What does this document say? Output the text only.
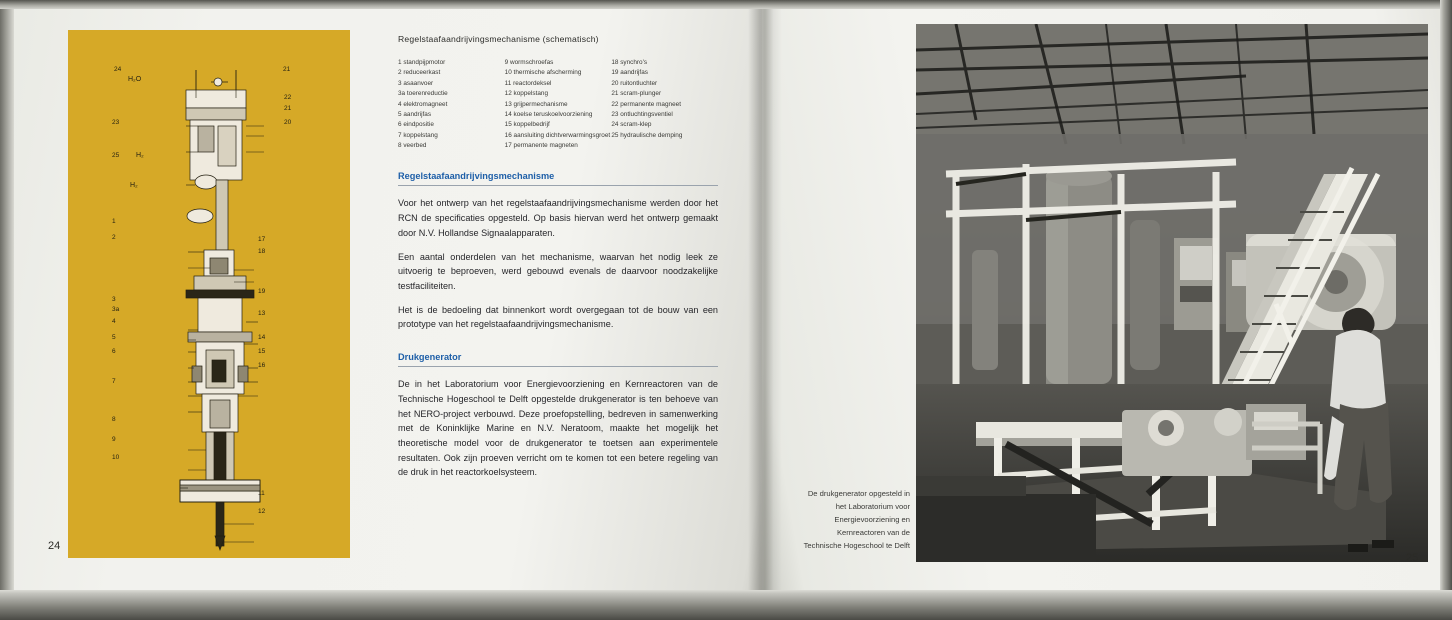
24	21
23
22
21
20
25
1
2
3
3a
4
5
6
7
8
9
10
17
18
19
13
14
15
16
11
12
H₂O
H₂
H₂
24
Regelstaafaandrijvingsmechanisme (schematisch)
1 standpijpmotor
2 reduceerkast
3 asaanvoer
3a toerenreductie
4 elektromagneet
5 aandrijfas
6 eindpositie
7 koppelstang
8 veerbed
9 wormschroefas
10 thermische afscherming
11 reactordeksel
12 koppelstang
13 grijpermechanisme
14 koelse teruskoelvoorziening
15 koppelbedrijf
16 aansluiting dichtverwarmingsgroet
17 permanente magneten
18 synchro's
19 aandrijfas
20 ruitontluchter
21 scram-plunger
22 permanente magneet
23 ontluchtingsventiel
24 scram-klep
25 hydraulische demping
Regelstaafaandrijvingsmechanisme

Voor het ontwerp van het regelstaafaandrijvingsmechanisme werden door het RCN de specificaties opgesteld. Op basis hiervan werd het ontwerp gemaakt door N.V. Hollandse Signaalapparaten.

Een aantal onderdelen van het mechanisme, waarvan het nodig leek ze uitvoerig te beproeven, werd gebouwd evenals de daarvoor noodzakelijke testfaciliteiten.

Het is de bedoeling dat binnenkort wordt overgegaan tot de bouw van een prototype van het regelstaafaandrijvingsmechanisme.

Drukgenerator

De in het Laboratorium voor Energievoorziening en Kernreactoren van de Technische Hogeschool te Delft opgestelde drukgenerator is ten behoeve van het NERO-project verbouwd. Deze proefopstelling, bedreven in samenwerking met de Koninklijke Marine en N.V. Neratoom, maakte het mogelijk het theoretische model voor de drukgenerator te toetsen aan experimentele resultaten. Ook zijn proeven verricht om te komen tot een betere regeling van de druk in het reactorkoelsysteem.

De drukgenerator opgesteld in het Laboratorium voor Energievoorziening en Kernreactoren van de Technische Hogeschool te Delft
25
